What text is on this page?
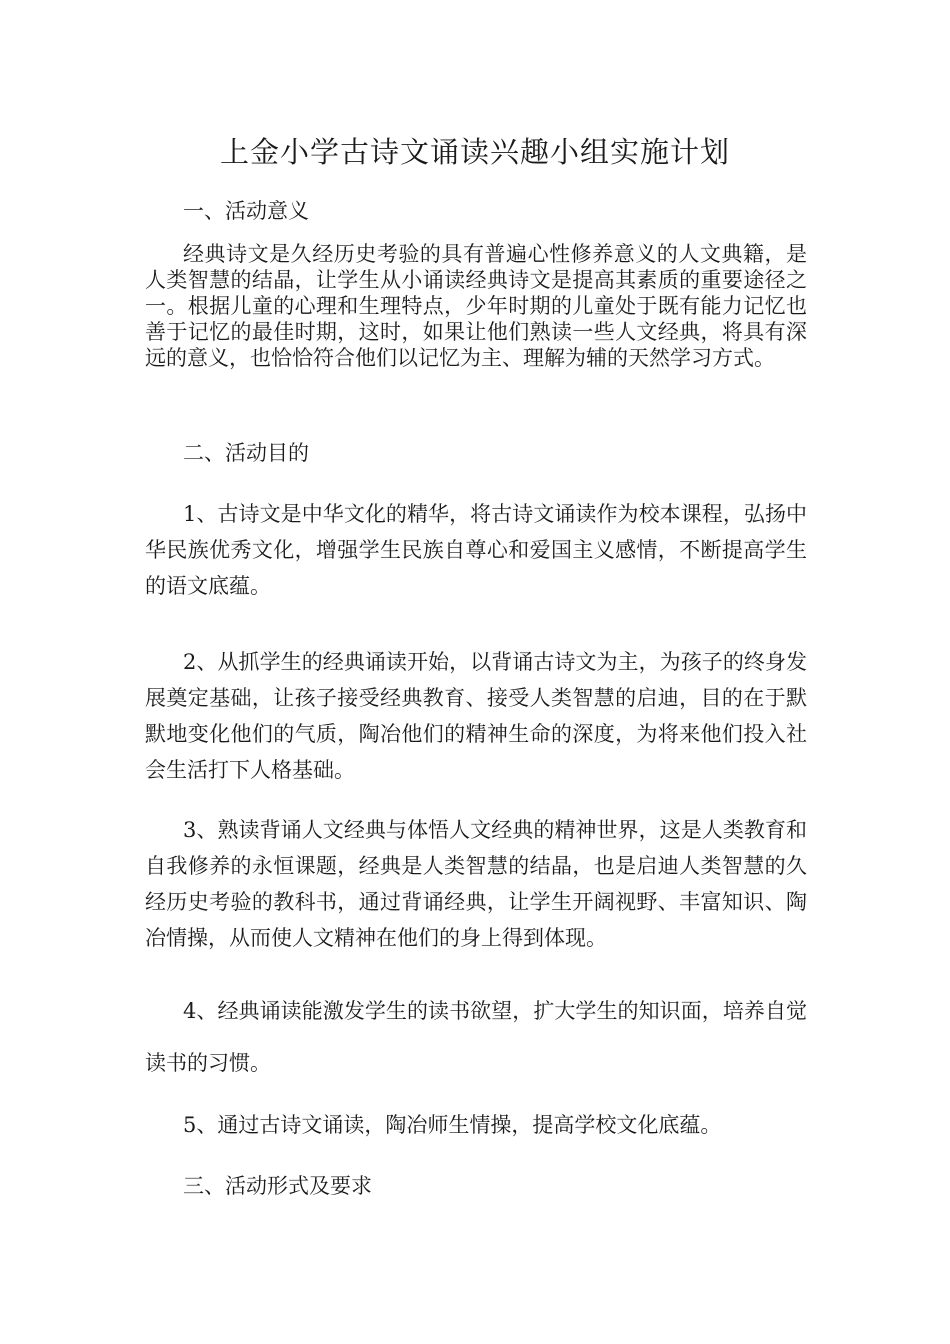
上金小学古诗文诵读兴趣小组实施计划
一、活动意义

经典诗文是久经历史考验的具有普遍心性修养意义的人文典籍，是人类智慧的结晶，让学生从小诵读经典诗文是提高其素质的重要途径之一。根据儿童的心理和生理特点，少年时期的儿童处于既有能力记忆也善于记忆的最佳时期，这时，如果让他们熟读一些人文经典，将具有深远的意义，也恰恰符合他们以记忆为主、理解为辅的天然学习方式。

二、活动目的

1、古诗文是中华文化的精华，将古诗文诵读作为校本课程，弘扬中华民族优秀文化，增强学生民族自尊心和爱国主义感情，不断提高学生的语文底蕴。

2、从抓学生的经典诵读开始，以背诵古诗文为主，为孩子的终身发展奠定基础，让孩子接受经典教育、接受人类智慧的启迪，目的在于默默地变化他们的气质，陶冶他们的精神生命的深度，为将来他们投入社会生活打下人格基础。

3、熟读背诵人文经典与体悟人文经典的精神世界，这是人类教育和自我修养的永恒课题，经典是人类智慧的结晶，也是启迪人类智慧的久经历史考验的教科书，通过背诵经典，让学生开阔视野、丰富知识、陶冶情操，从而使人文精神在他们的身上得到体现。

4、经典诵读能激发学生的读书欲望，扩大学生的知识面，培养自觉读书的习惯。

5、通过古诗文诵读，陶冶师生情操，提高学校文化底蕴。

三、活动形式及要求
